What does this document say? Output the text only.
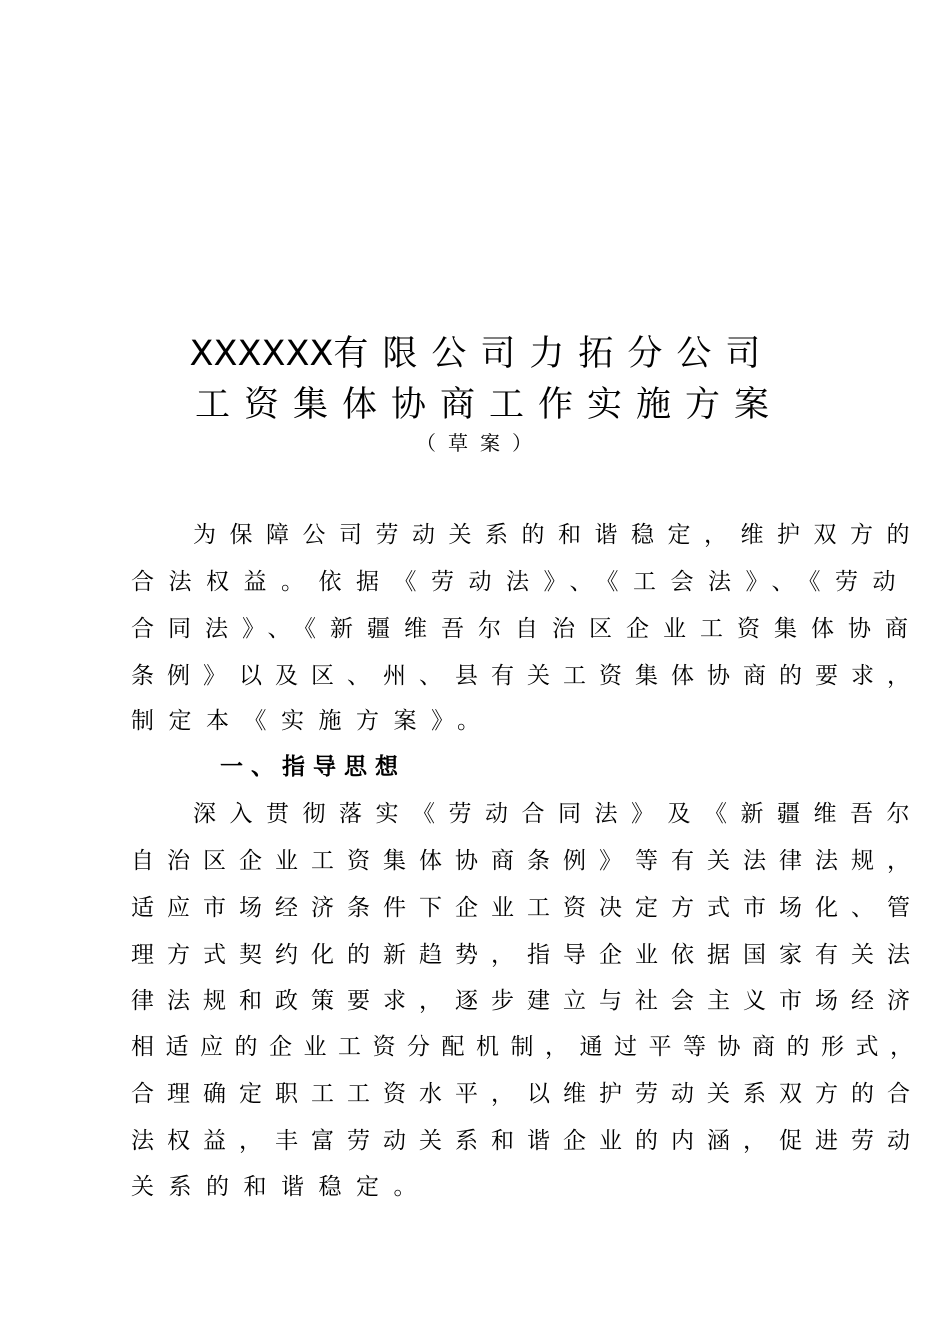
XXXXXX有限公司力拓分公司
工资集体协商工作实施方案
（草案）
为保障公司劳动关系的和谐稳定，维护双方的
合法权益。依据《劳动法》、《工会法》、《劳动
合同法》、《新疆维吾尔自治区企业工资集体协商
条例》以及区、州、县有关工资集体协商的要求，
制定本《实施方案》。
一、指导思想
深入贯彻落实《劳动合同法》及《新疆维吾尔
自治区企业工资集体协商条例》等有关法律法规，
适应市场经济条件下企业工资决定方式市场化、管
理方式契约化的新趋势，指导企业依据国家有关法
律法规和政策要求，逐步建立与社会主义市场经济
相适应的企业工资分配机制，通过平等协商的形式，
合理确定职工工资水平，以维护劳动关系双方的合
法权益，丰富劳动关系和谐企业的内涵，促进劳动
关系的和谐稳定。
